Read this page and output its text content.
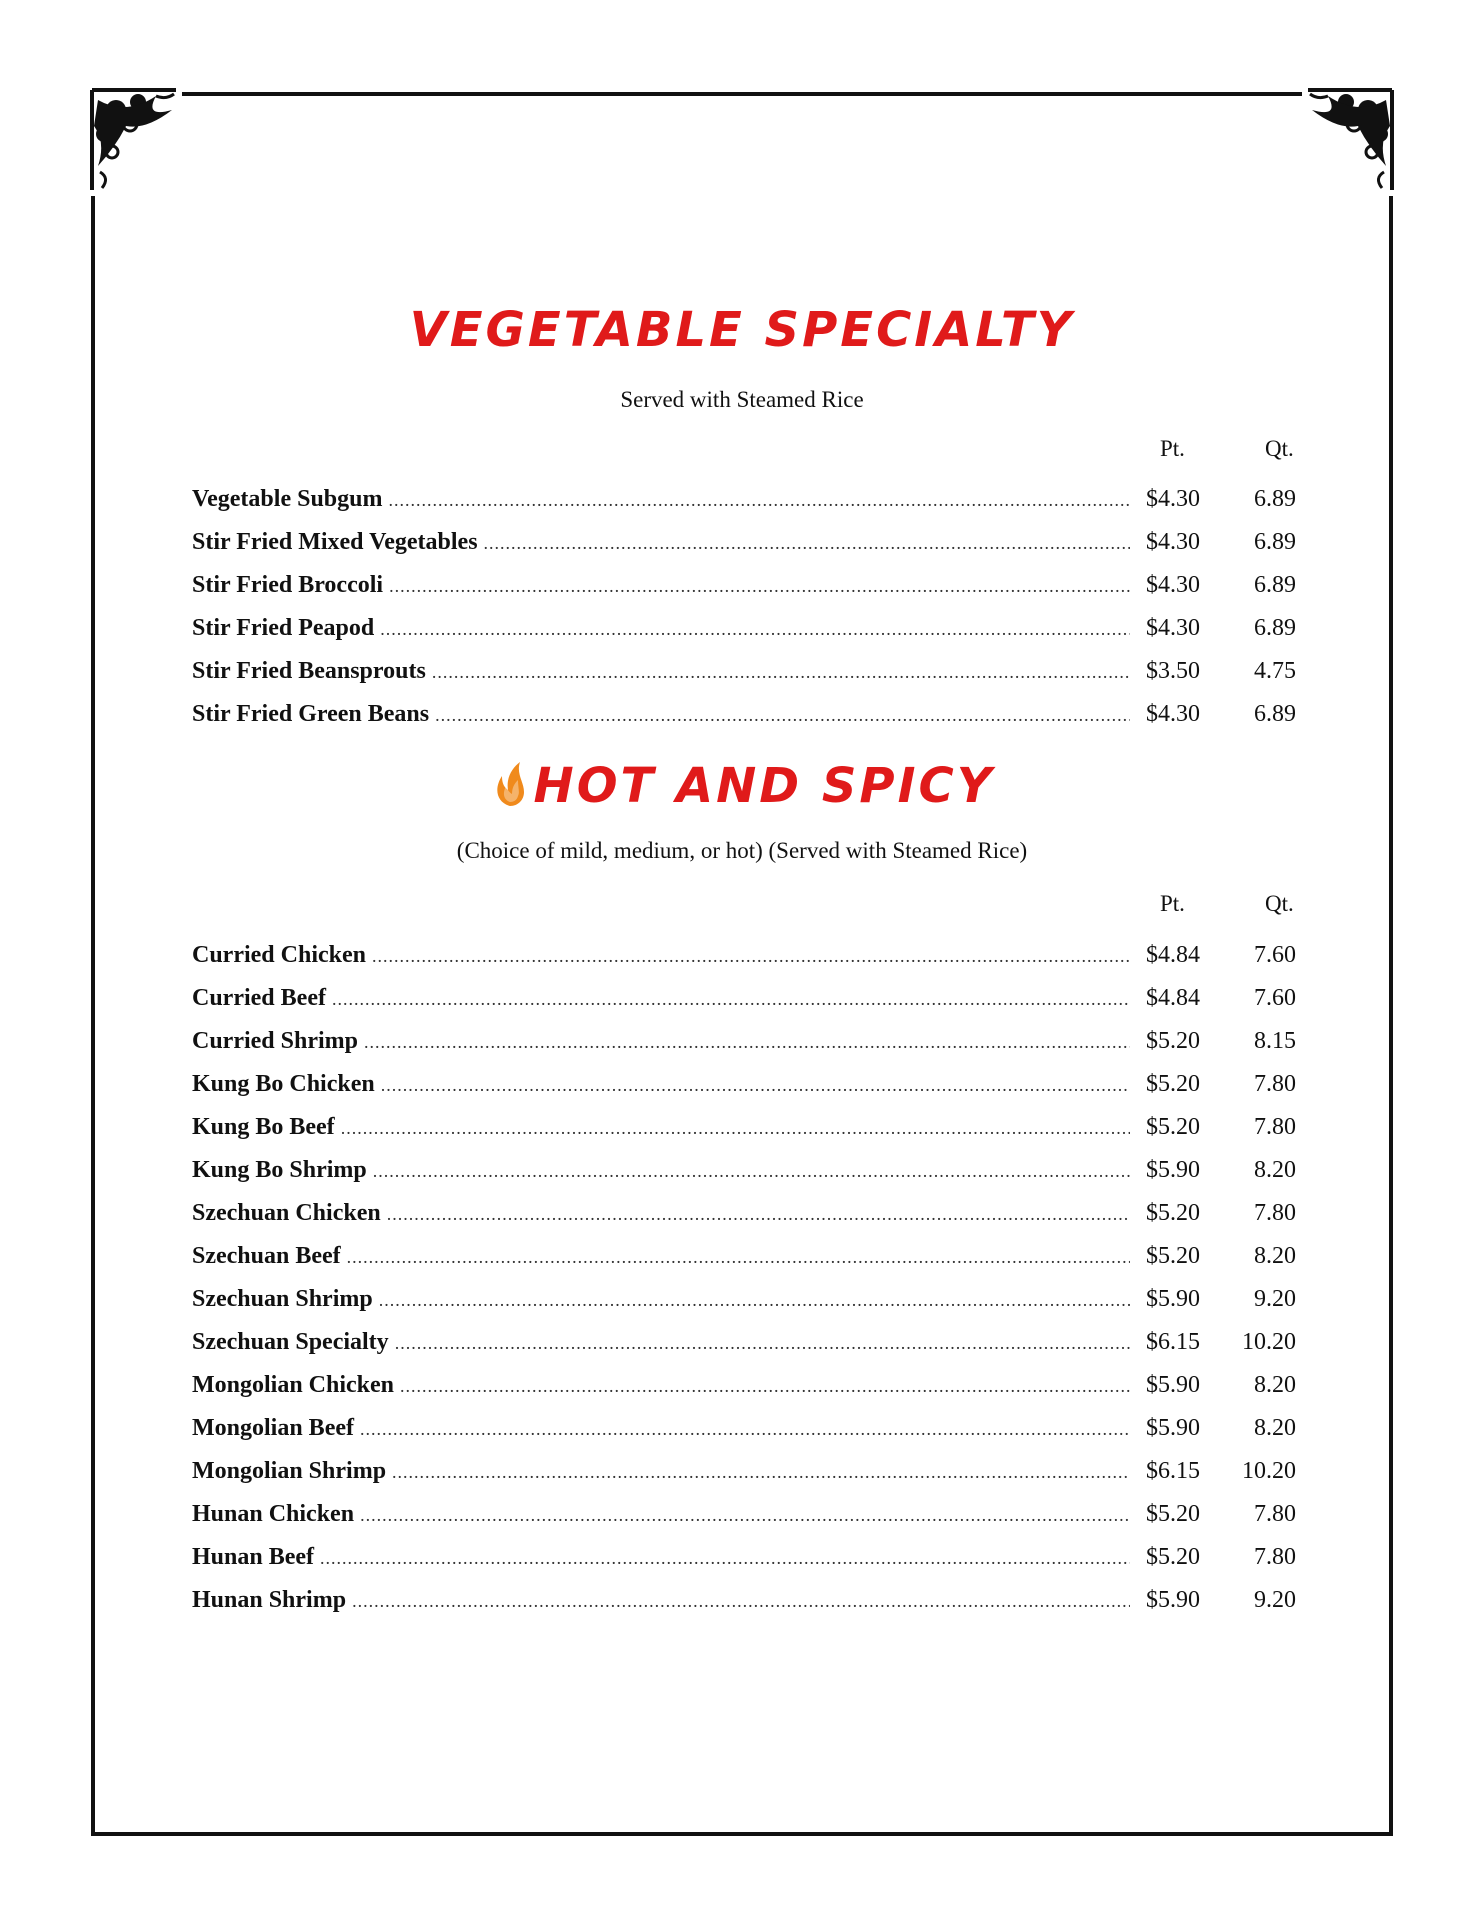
VEGETABLE SPECIALTY
Served with Steamed Rice
Pt.	Qt.
Vegetable Subgum .....	$4.30	6.89
Stir Fried Mixed Vegetables .....	$4.30	6.89
Stir Fried Broccoli .....	$4.30	6.89
Stir Fried Peapod .....	$4.30	6.89
Stir Fried Beansprouts .....	$3.50	4.75
Stir Fried Green Beans .....	$4.30	6.89
HOT AND SPICY
(Choice of mild, medium, or hot) (Served with Steamed Rice)
Pt.	Qt.
Curried Chicken .....	$4.84	7.60
Curried Beef .....	$4.84	7.60
Curried Shrimp .....	$5.20	8.15
Kung Bo Chicken .....	$5.20	7.80
Kung Bo Beef .....	$5.20	7.80
Kung Bo Shrimp .....	$5.90	8.20
Szechuan Chicken .....	$5.20	7.80
Szechuan Beef .....	$5.20	8.20
Szechuan Shrimp .....	$5.90	9.20
Szechuan Specialty .....	$6.15	10.20
Mongolian Chicken .....	$5.90	8.20
Mongolian Beef .....	$5.90	8.20
Mongolian Shrimp .....	$6.15	10.20
Hunan Chicken .....	$5.20	7.80
Hunan Beef .....	$5.20	7.80
Hunan Shrimp .....	$5.90	9.20
